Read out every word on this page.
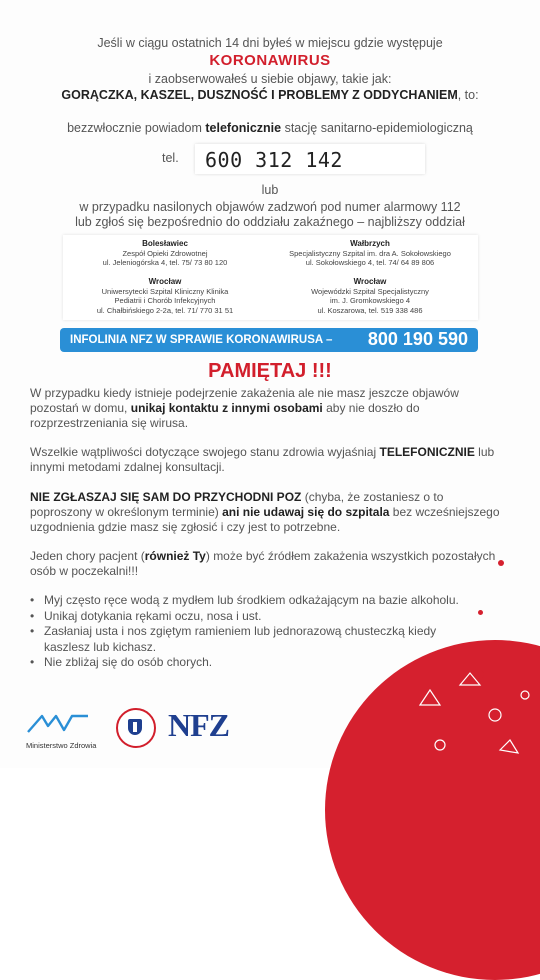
Jeśli w ciągu ostatnich 14 dni byłeś w miejscu gdzie występuje
KORONAWIRUS
i zaobserwowałeś u siebie objawy, takie jak:
GORĄCZKA, KASZEL, DUSZNOŚĆ I PROBLEMY Z ODDYCHANIEM, to:
bezzwłocznie powiadom telefonicznie stację sanitarno-epidemiologiczną
tel. 600 312 142
lub
w przypadku nasilonych objawów zadzwoń pod numer alarmowy 112
lub zgłoś się bezpośrednio do oddziału zakaźnego – najbliższy oddział
Bolesławiec
Zespół Opieki Zdrowotnej
ul. Jeleniogórska 4, tel. 75/ 73 80 120
Wałbrzych
Specjalistyczny Szpital im. dra A. Sokołowskiego
ul. Sokołowskiego 4, tel. 74/ 64 89 806
Wrocław
Uniwersytecki Szpital Kliniczny Klinika
Pediatrii i Chorób Infekcyjnych
ul. Chałbińskiego 2-2a, tel. 71/ 770 31 51
Wrocław
Wojewódzki Szpital Specjalistyczny
im. J. Gromkowskiego 4
ul. Koszarowa, tel. 519 338 486
INFOLINIA NFZ W SPRAWIE KORONAWIRUSA – 800 190 590
PAMIĘTAJ !!!
W przypadku kiedy istnieje podejrzenie zakażenia ale nie masz jeszcze objawów pozostań w domu, unikaj kontaktu z innymi osobami aby nie doszło do rozprzestrzeniania się wirusa.
Wszelkie wątpliwości dotyczące swojego stanu zdrowia wyjaśniaj TELEFONICZNIE lub innymi metodami zdalnej konsultacji.
NIE ZGŁASZAJ SIĘ SAM DO PRZYCHODNI POZ (chyba, że zostaniesz o to poproszony w określonym terminie) ani nie udawaj się do szpitala bez wcześniejszego uzgodnienia gdzie masz się zgłosić i czy jest to potrzebne.
Jeden chory pacjent (również Ty) może być źródłem zakażenia wszystkich pozostałych osób w poczekalni!!!
• Myj często ręce wodą z mydłem lub środkiem odkażającym na bazie alkoholu.
• Unikaj dotykania rękami oczu, nosa i ust.
• Zasłaniaj usta i nos zgiętym ramieniem lub jednorazową chusteczką kiedy kaszlesz lub kichasz.
• Nie zbliżaj się do osób chorych.
Ministerstwo Zdrowia
NFZ
